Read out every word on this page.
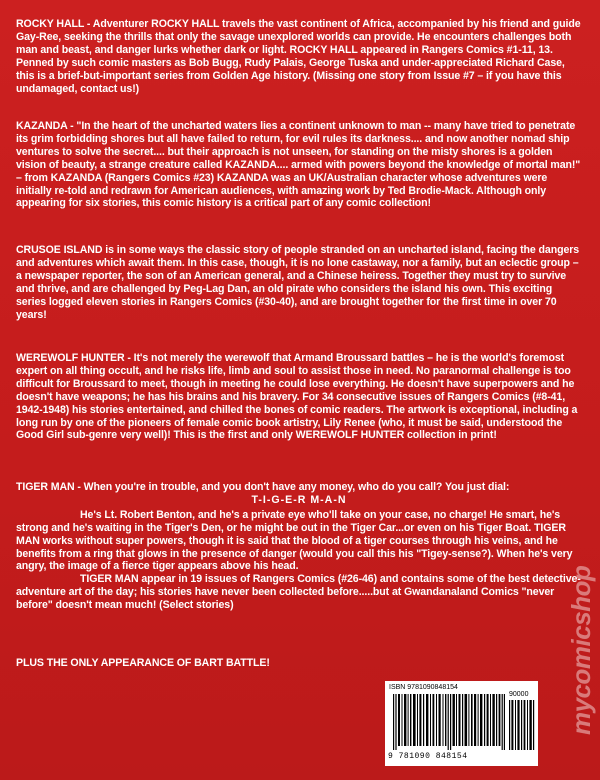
ROCKY HALL - Adventurer ROCKY HALL travels the vast continent of Africa, accompanied by his friend and guide Gay-Ree, seeking the thrills that only the savage unexplored worlds can provide. He encounters challenges both man and beast, and danger lurks whether dark or light. ROCKY HALL appeared in Rangers Comics #1-11, 13. Penned by such comic masters as Bob Bugg, Rudy Palais, George Tuska and under-appreciated Richard Case, this is a brief-but-important series from Golden Age history. (Missing one story from Issue #7 – if you have this undamaged, contact us!)

KAZANDA - "In the heart of the uncharted waters lies a continent unknown to man -- many have tried to penetrate its grim forbidding shores but all have failed to return, for evil rules its darkness.... and now another nomad ship ventures to solve the secret.... but their approach is not unseen, for standing on the misty shores is a golden vision of beauty, a strange creature called KAZANDA.... armed with powers beyond the knowledge of mortal man!" – from KAZANDA (Rangers Comics #23) KAZANDA was an UK/Australian character whose adventures were initially re-told and redrawn for American audiences, with amazing work by Ted Brodie-Mack. Although only appearing for six stories, this comic history is a critical part of any comic collection!

CRUSOE ISLAND is in some ways the classic story of people stranded on an uncharted island, facing the dangers and adventures which await them. In this case, though, it is no lone castaway, nor a family, but an eclectic group – a newspaper reporter, the son of an American general, and a Chinese heiress. Together they must try to survive and thrive, and are challenged by Peg-Lag Dan, an old pirate who considers the island his own. This exciting series logged eleven stories in Rangers Comics (#30-40), and are brought together for the first time in over 70 years!

WEREWOLF HUNTER - It's not merely the werewolf that Armand Broussard battles – he is the world's foremost expert on all thing occult, and he risks life, limb and soul to assist those in need. No paranormal challenge is too difficult for Broussard to meet, though in meeting he could lose everything. He doesn't have superpowers and he doesn't have weapons; he has his brains and his bravery. For 34 consecutive issues of Rangers Comics (#8-41, 1942-1948) his stories entertained, and chilled the bones of comic readers. The artwork is exceptional, including a long run by one of the pioneers of female comic book artistry, Lily Renee (who, it must be said, understood the Good Girl sub-genre very well)! This is the first and only WEREWOLF HUNTER collection in print!

TIGER MAN - When you're in trouble, and you don't have any money, who do you call? You just dial:
T-I-G-E-R M-A-N
He's Lt. Robert Benton, and he's a private eye who'll take on your case, no charge! He smart, he's strong and he's waiting in the Tiger's Den, or he might be out in the Tiger Car...or even on his Tiger Boat. TIGER MAN works without super powers, though it is said that the blood of a tiger courses through his veins, and he benefits from a ring that glows in the presence of danger (would you call this his "Tigey-sense?). When he's very angry, the image of a fierce tiger appears above his head.
TIGER MAN appear in 19 issues of Rangers Comics (#26-46) and contains some of the best detective-adventure art of the day; his stories have never been collected before.....but at Gwandanaland Comics "never before" doesn't mean much! (Select stories)

PLUS THE ONLY APPEARANCE OF BART BATTLE!

ISBN 9781090848154
90000
9 781090 848154
mycomicshop
